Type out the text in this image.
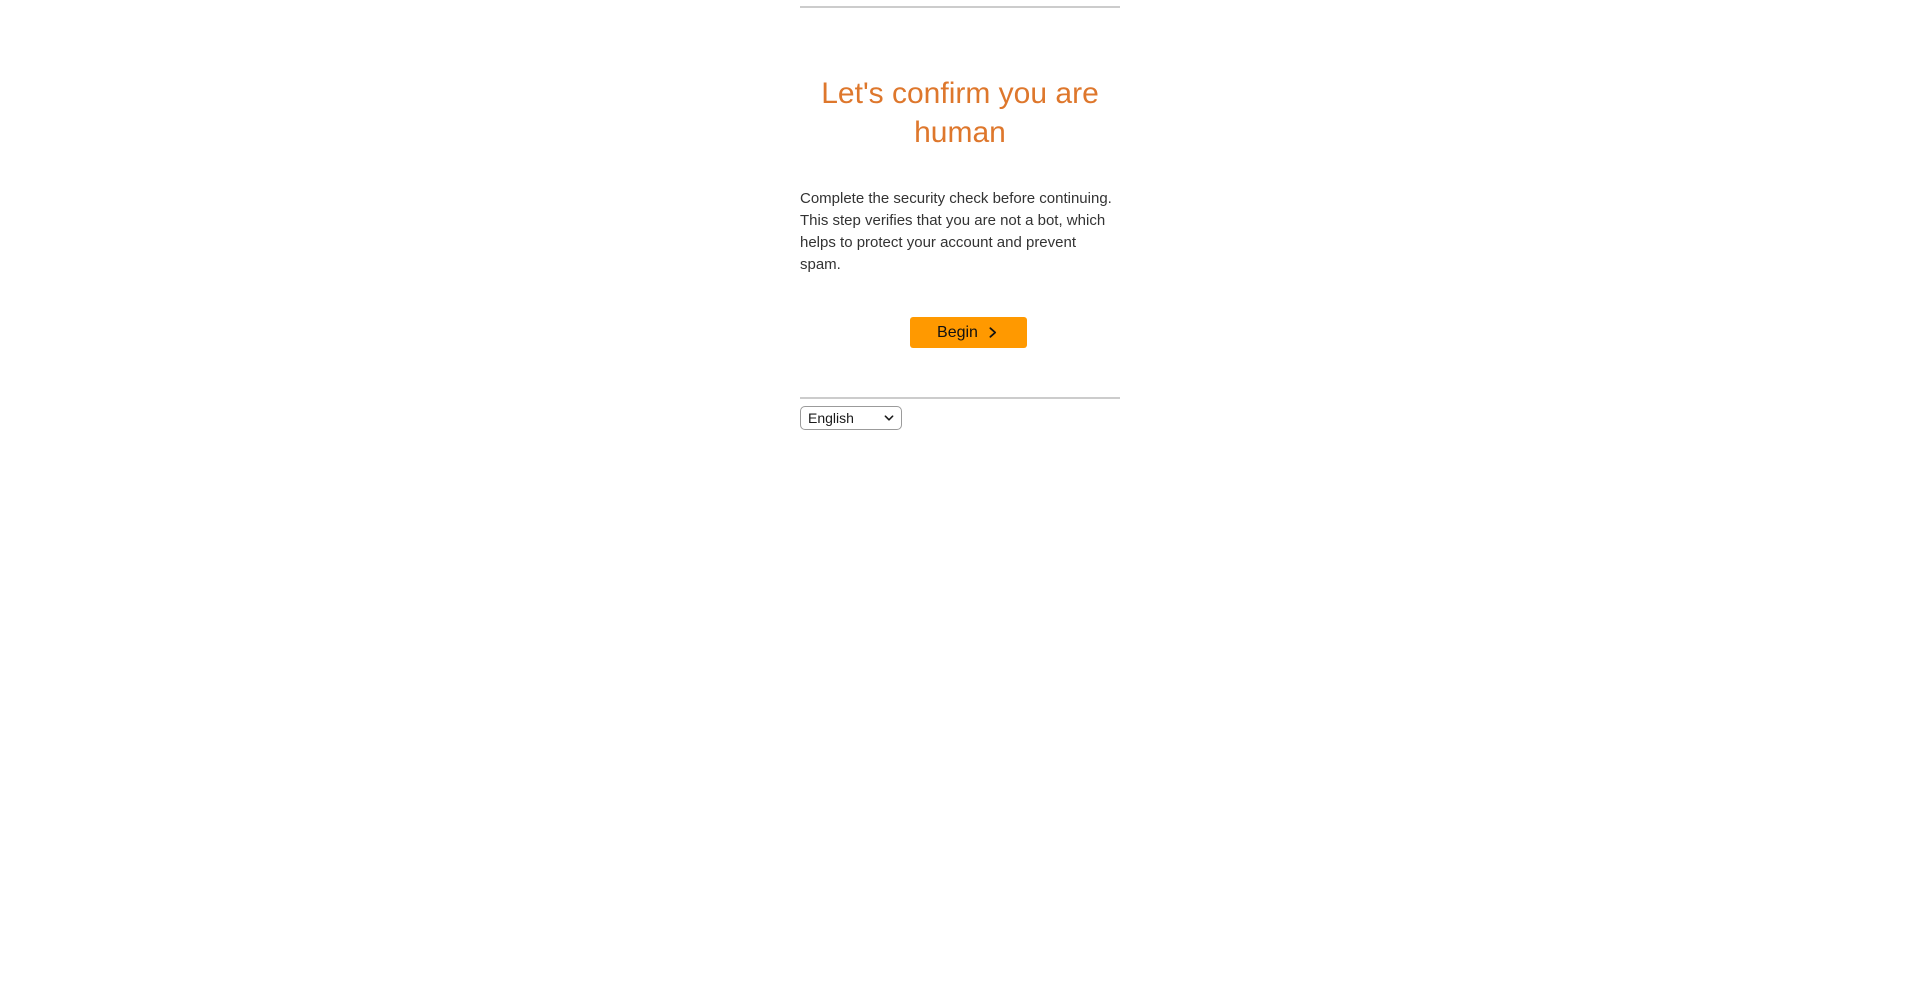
Let's confirm you are human

Complete the security check before continuing. This step verifies that you are not a bot, which helps to protect your account and prevent spam.

Begin
English
